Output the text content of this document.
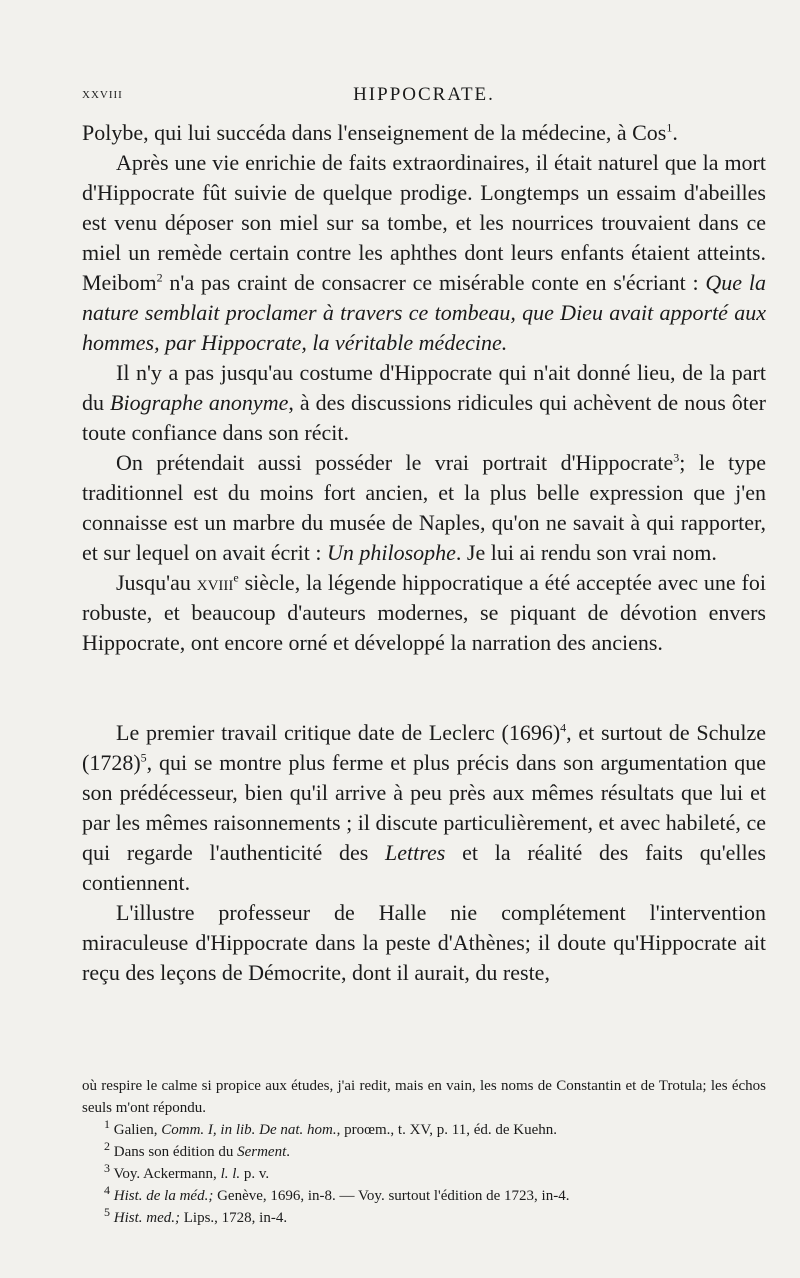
xxviii	HIPPOCRATE.

Polybe, qui lui succéda dans l'enseignement de la médecine, à Cos$^1$.

Après une vie enrichie de faits extraordinaires, il était naturel que la mort d'Hippocrate fût suivie de quelque prodige. Longtemps un essaim d'abeilles est venu déposer son miel sur sa tombe, et les nourrices trouvaient dans ce miel un remède certain contre les aphthes dont leurs enfants étaient atteints. Meibom$^2$ n'a pas craint de consacrer ce misérable conte en s'écriant : Que la nature semblait proclamer à travers ce tombeau, que Dieu avait apporté aux hommes, par Hippocrate, la véritable médecine.

Il n'y a pas jusqu'au costume d'Hippocrate qui n'ait donné lieu, de la part du Biographe anonyme, à des discussions ridicules qui achèvent de nous ôter toute confiance dans son récit.

On prétendait aussi posséder le vrai portrait d'Hippocrate$^3$; le type traditionnel est du moins fort ancien, et la plus belle expression que j'en connaisse est un marbre du musée de Naples, qu'on ne savait à qui rapporter, et sur lequel on avait écrit : Un philosophe. Je lui ai rendu son vrai nom.

Jusqu'au xviii$^e$ siècle, la légende hippocratique a été acceptée avec une foi robuste, et beaucoup d'auteurs modernes, se piquant de dévotion envers Hippocrate, ont encore orné et développé la narration des anciens.

Le premier travail critique date de Leclerc $(1696)^4$, et surtout de Schulze $(1728)^5$, qui se montre plus ferme et plus précis dans son argumentation que son prédécesseur, bien qu'il arrive à peu près aux mêmes résultats que lui et par les mêmes raisonnements ; il discute particulièrement, et avec habileté, ce qui regarde l'authenticité des Lettres et la réalité des faits qu'elles contiennent.

L'illustre professeur de Halle nie complétement l'intervention miraculeuse d'Hippocrate dans la peste d'Athènes; il doute qu'Hippocrate ait reçu des leçons de Démocrite, dont il aurait, du reste,

où respire le calme si propice aux études, j'ai redit, mais en vain, les noms de Constantin et de Trotula; les échos seuls m'ont répondu.

$^1$ Galien, Comm. I, in lib. De nat. hom., proœm., t. XV, p. 11, éd. de Kuehn.

$^2$ Dans son édition du Serment.

$^3$ Voy. Ackermann, l. l. p. v.

$^4$ Hist. de la méd.; Genève, 1696, in-8. — Voy. surtout l'édition de 1723, in-4.

$^5$ Hist. med.; Lips., 1728, in-4.
